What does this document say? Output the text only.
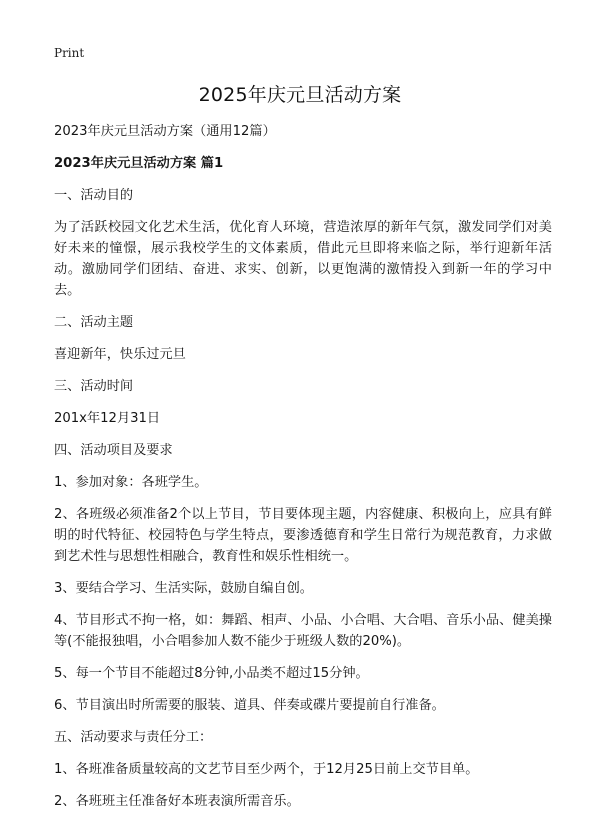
Print
2025年庆元旦活动方案

2023年庆元旦活动方案（通用12篇）

2023年庆元旦活动方案 篇1

一、活动目的

为了活跃校园文化艺术生活，优化育人环境，营造浓厚的新年气氛，激发同学们对美好未来的憧憬，展示我校学生的文体素质，借此元旦即将来临之际，举行迎新年活动。激励同学们团结、奋进、求实、创新，以更饱满的激情投入到新一年的学习中去。

二、活动主题

喜迎新年，快乐过元旦

三、活动时间

201x年12月31日

四、活动项目及要求

1、参加对象：各班学生。

2、各班级必须准备2个以上节目，节目要体现主题，内容健康、积极向上，应具有鲜明的时代特征、校园特色与学生特点，要渗透德育和学生日常行为规范教育，力求做到艺术性与思想性相融合，教育性和娱乐性相统一。

3、要结合学习、生活实际，鼓励自编自创。

4、节目形式不拘一格，如：舞蹈、相声、小品、小合唱、大合唱、音乐小品、健美操等(不能报独唱，小合唱参加人数不能少于班级人数的20%)。

5、每一个节目不能超过8分钟,小品类不超过15分钟。

6、节目演出时所需要的服装、道具、伴奏或碟片要提前自行准备。

五、活动要求与责任分工：

1、各班准备质量较高的文艺节目至少两个，于12月25日前上交节目单。

2、各班班主任准备好本班表演所需音乐。
